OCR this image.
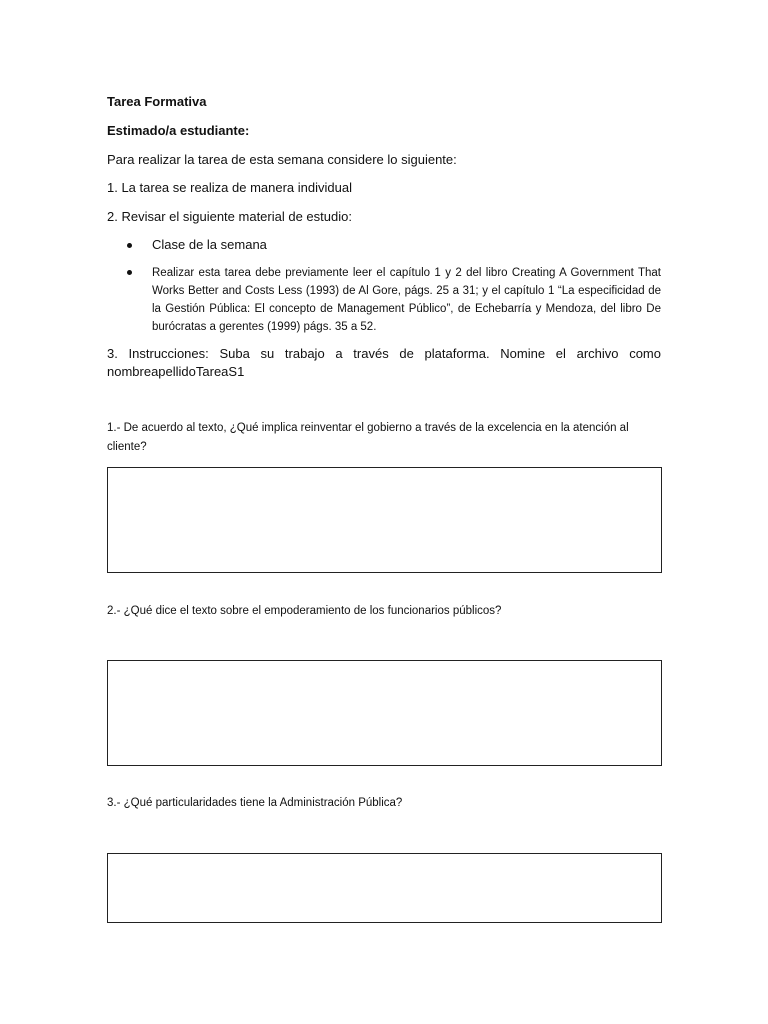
Tarea Formativa
Estimado/a estudiante:
Para realizar la tarea de esta semana considere lo siguiente:
1. La tarea se realiza de manera individual
2. Revisar el siguiente material de estudio:
Clase de la semana
Realizar esta tarea debe previamente leer el capítulo 1 y 2 del libro Creating A Government That Works Better and Costs Less (1993) de Al Gore, págs. 25 a 31; y el capítulo 1 “La especificidad de la Gestión Pública: El concepto de Management Público”, de Echebarría y Mendoza, del libro De burócratas a gerentes (1999) págs. 35 a 52.
3. Instrucciones: Suba su trabajo a través de plataforma. Nomine el archivo como nombreapellidoTareaS1
1.- De acuerdo al texto, ¿Qué implica reinventar el gobierno a través de la excelencia en la atención al cliente?
2.- ¿Qué dice el texto sobre el empoderamiento de los funcionarios públicos?
3.- ¿Qué particularidades tiene la Administración Pública?
